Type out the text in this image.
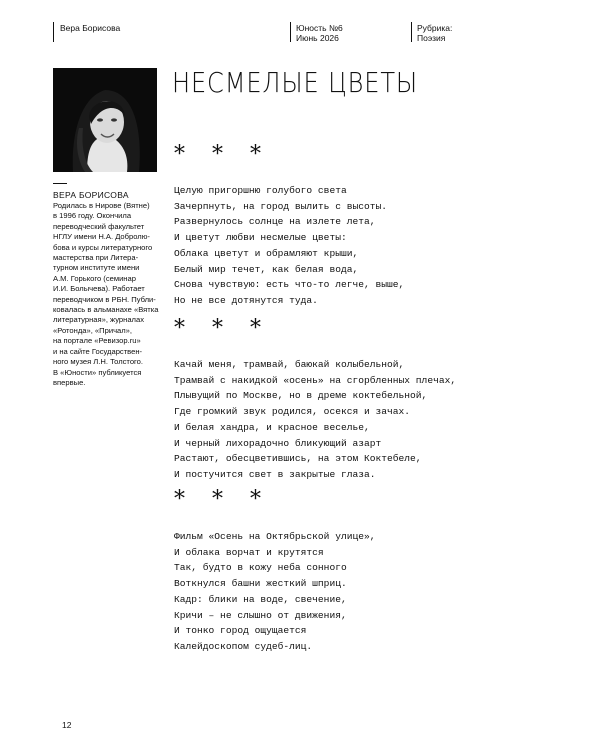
Вера Борисова	Юность №6
Июнь 2026
Рубрика:
Поэзия
НЕСМЕЛЫЕ ЦВЕТЫ
ВЕРА БОРИСОВА
Родилась в Нирове (Вятне)
в 1996 году. Окончила
переводческий факультет
НГЛУ имени Н.А. Добролю-
бова и курсы литературного
мастерства при Литера-
турном институте имени
А.М. Горького (семинар
И.И. Болычева). Работает
переводчиком в РБН. Публи-
ковалась в альманахе «Вятка
литературная», журналах
«Ротонда», «Причал»,
на портале «Ревизор.ru»
и на сайте Государствен-
ного музея Л.Н. Толстого.
В «Юности» публикуется
впервые.
* * *
Целую пригоршню голубого света
Зачерпнуть, на город вылить с высоты.
Развернулось солнце на излете лета,
И цветут любви несмелые цветы:
Облака цветут и обрамляют крыши,
Белый мир течет, как белая вода,
Снова чувствую: есть что-то легче, выше,
Но не все дотянутся туда.
* * *
Качай меня, трамвай, баюкай колыбельной,
Трамвай с накидкой «осень» на сгорбленных плечах,
Плывущий по Москве, но в дреме коктебельной,
Где громкий звук родился, осекся и зачах.
И белая хандра, и красное веселье,
И черный лихорадочно бликующий азарт
Растают, обесцветившись, на этом Коктебеле,
И постучится свет в закрытые глаза.
* * *
Фильм «Осень на Октябрьской улице»,
И облака ворчат и крутятся
Так, будто в кожу неба сонного
Воткнулся башни жесткий шприц.
Кадр: блики на воде, свечение,
Кричи – не слышно от движения,
И тонко город ощущается
Калейдоскопом судеб-лиц.
12
